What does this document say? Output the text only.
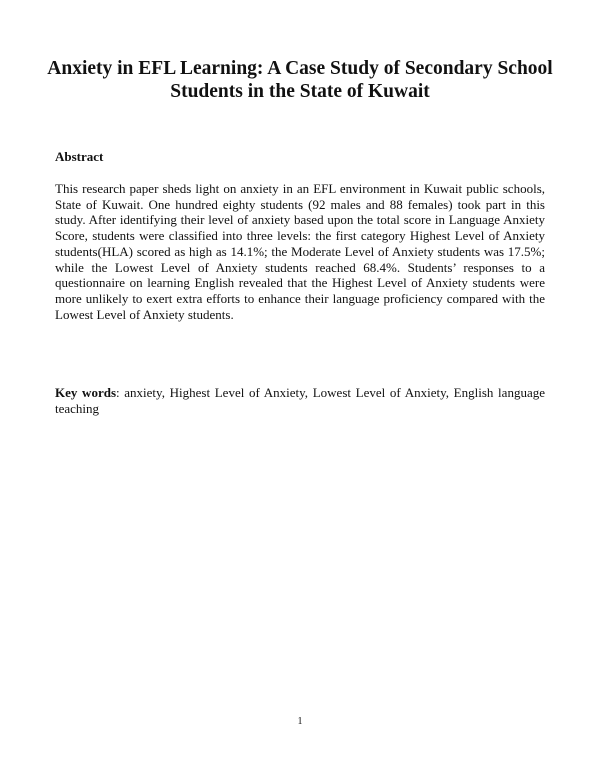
Anxiety in EFL Learning: A Case Study of Secondary School Students in the State of Kuwait
Abstract

This research paper sheds light on anxiety in an EFL environment in Kuwait public schools, State of Kuwait. One hundred eighty students (92 males and 88 females) took part in this study. After identifying their level of anxiety based upon the total score in Language Anxiety Score, students were classified into three levels: the first category Highest Level of Anxiety students(HLA) scored as high as 14.1%; the Moderate Level of Anxiety students was 17.5%; while the Lowest Level of Anxiety students reached 68.4%. Students’ responses to a questionnaire on learning English revealed that the Highest Level of Anxiety students were more unlikely to exert extra efforts to enhance their language proficiency compared with the Lowest Level of Anxiety students.

Key words: anxiety, Highest Level of Anxiety, Lowest Level of Anxiety, English language teaching

1
